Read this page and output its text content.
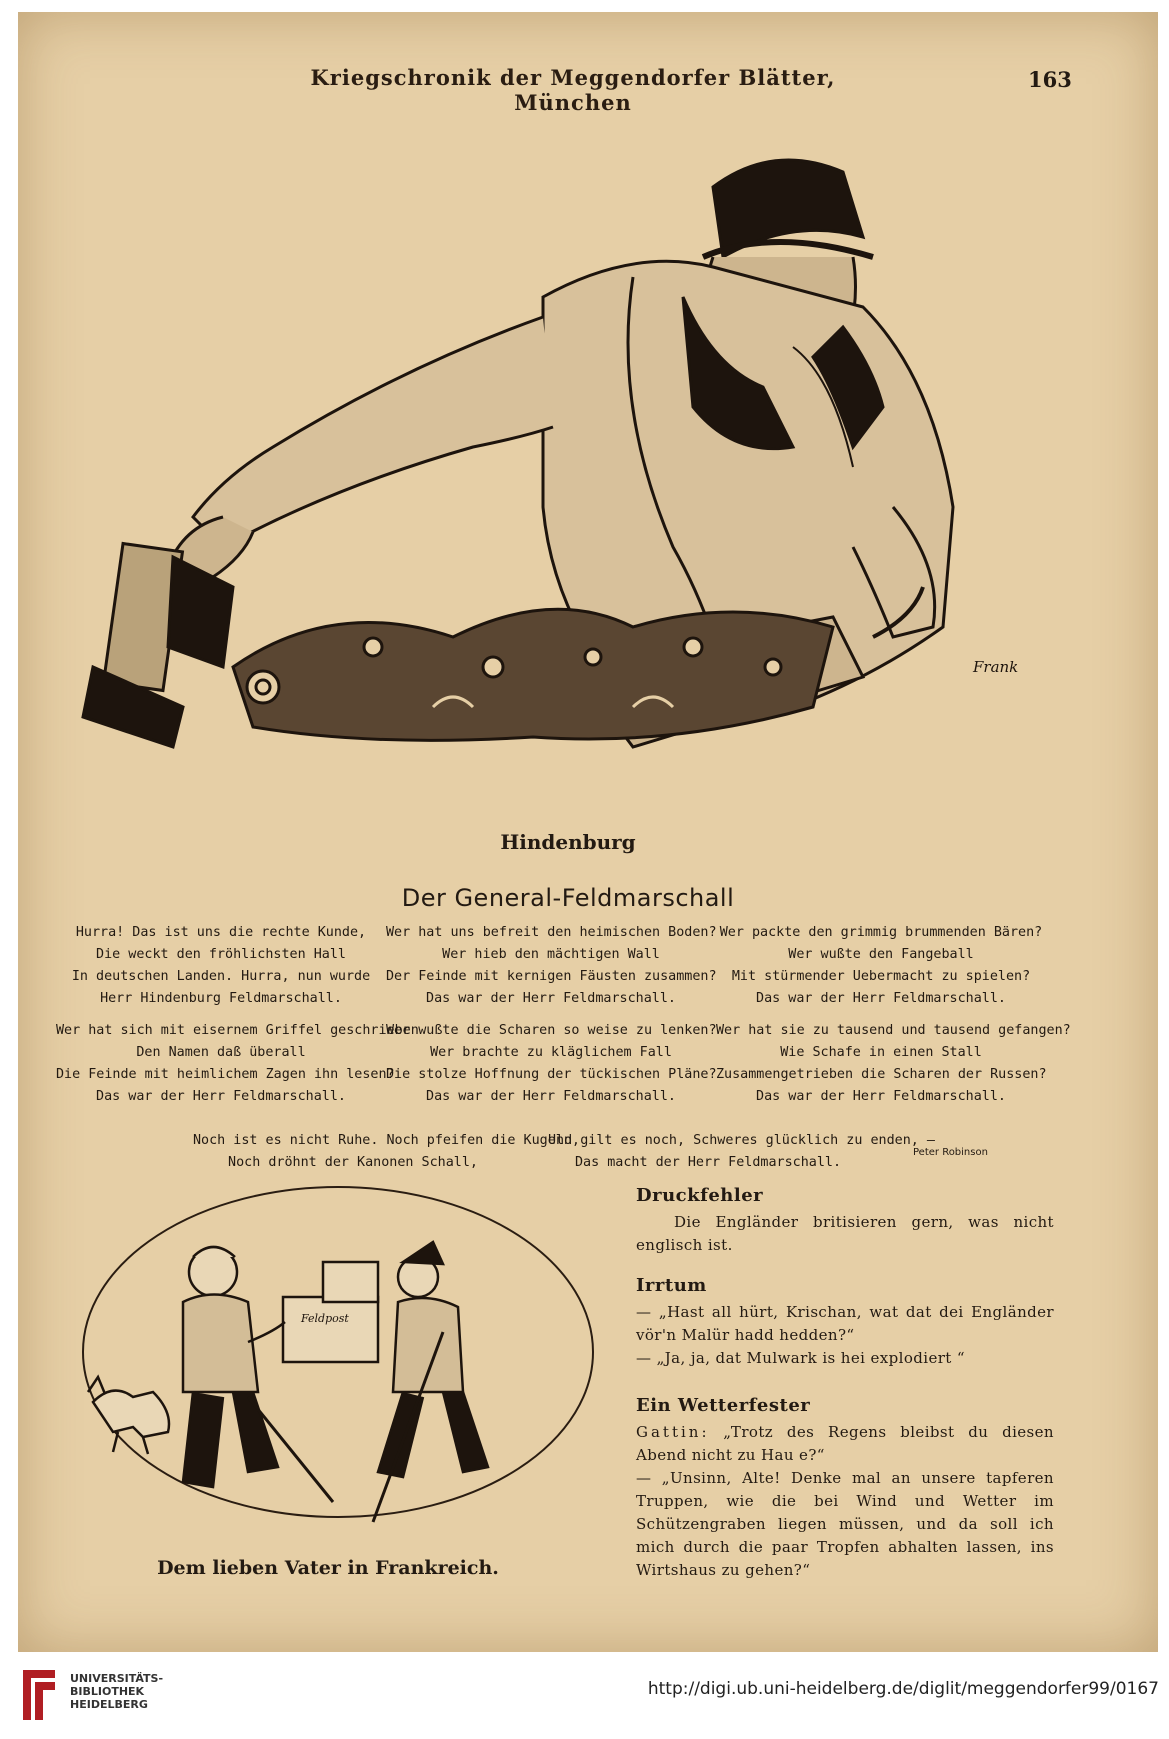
Kriegschronik der Meggendorfer Blätter, München
163
Frank
Hindenburg
Der General-Feldmarschall
Hurra! Das ist uns die rechte Kunde,
Die weckt den fröhlichsten Hall
In deutschen Landen. Hurra, nun wurde
Herr Hindenburg Feldmarschall.
Wer hat sich mit eisernem Griffel geschrieben
Den Namen daß überall
Die Feinde mit heimlichem Zagen ihn lesen?
Das war der Herr Feldmarschall.
Wer hat uns befreit den heimischen Boden?
Wer hieb den mächtigen Wall
Der Feinde mit kernigen Fäusten zusammen?
Das war der Herr Feldmarschall.
Wer wußte die Scharen so weise zu lenken?
Wer brachte zu kläglichem Fall
Die stolze Hoffnung der tückischen Pläne?
Das war der Herr Feldmarschall.
Wer packte den grimmig brummenden Bären?
Wer wußte den Fangeball
Mit stürmender Uebermacht zu spielen?
Das war der Herr Feldmarschall.
Wer hat sie zu tausend und tausend gefangen?
Wie Schafe in einen Stall
Zusammengetrieben die Scharen der Russen?
Das war der Herr Feldmarschall.
Noch ist es nicht Ruhe. Noch pfeifen die Kugeln,
Noch dröhnt der Kanonen Schall,
Und gilt es noch, Schweres glücklich zu enden, —
Das macht der Herr Feldmarschall.
Peter Robinson
Feldpost
Dem lieben Vater in Frankreich.
Druckfehler

Die Engländer britisieren gern, was nicht englisch ist.

Irrtum

— „Hast all hürt, Krischan, wat dat dei Engländer vör'n Malür hadd hedden?“

— „Ja, ja, dat Mulwark is hei explodiert “

Ein Wetterfester

Gattin: „Trotz des Regens bleibst du diesen Abend nicht zu Hau e?“

— „Unsinn, Alte! Denke mal an unsere tapferen Truppen, wie die bei Wind und Wetter im Schützengraben liegen müssen, und da soll ich mich durch die paar Tropfen abhalten lassen, ins Wirtshaus zu gehen?“

UNIVERSITÄTS-
BIBLIOTHEK
HEIDELBERG
http://digi.ub.uni-heidelberg.de/diglit/meggendorfer99/0167
